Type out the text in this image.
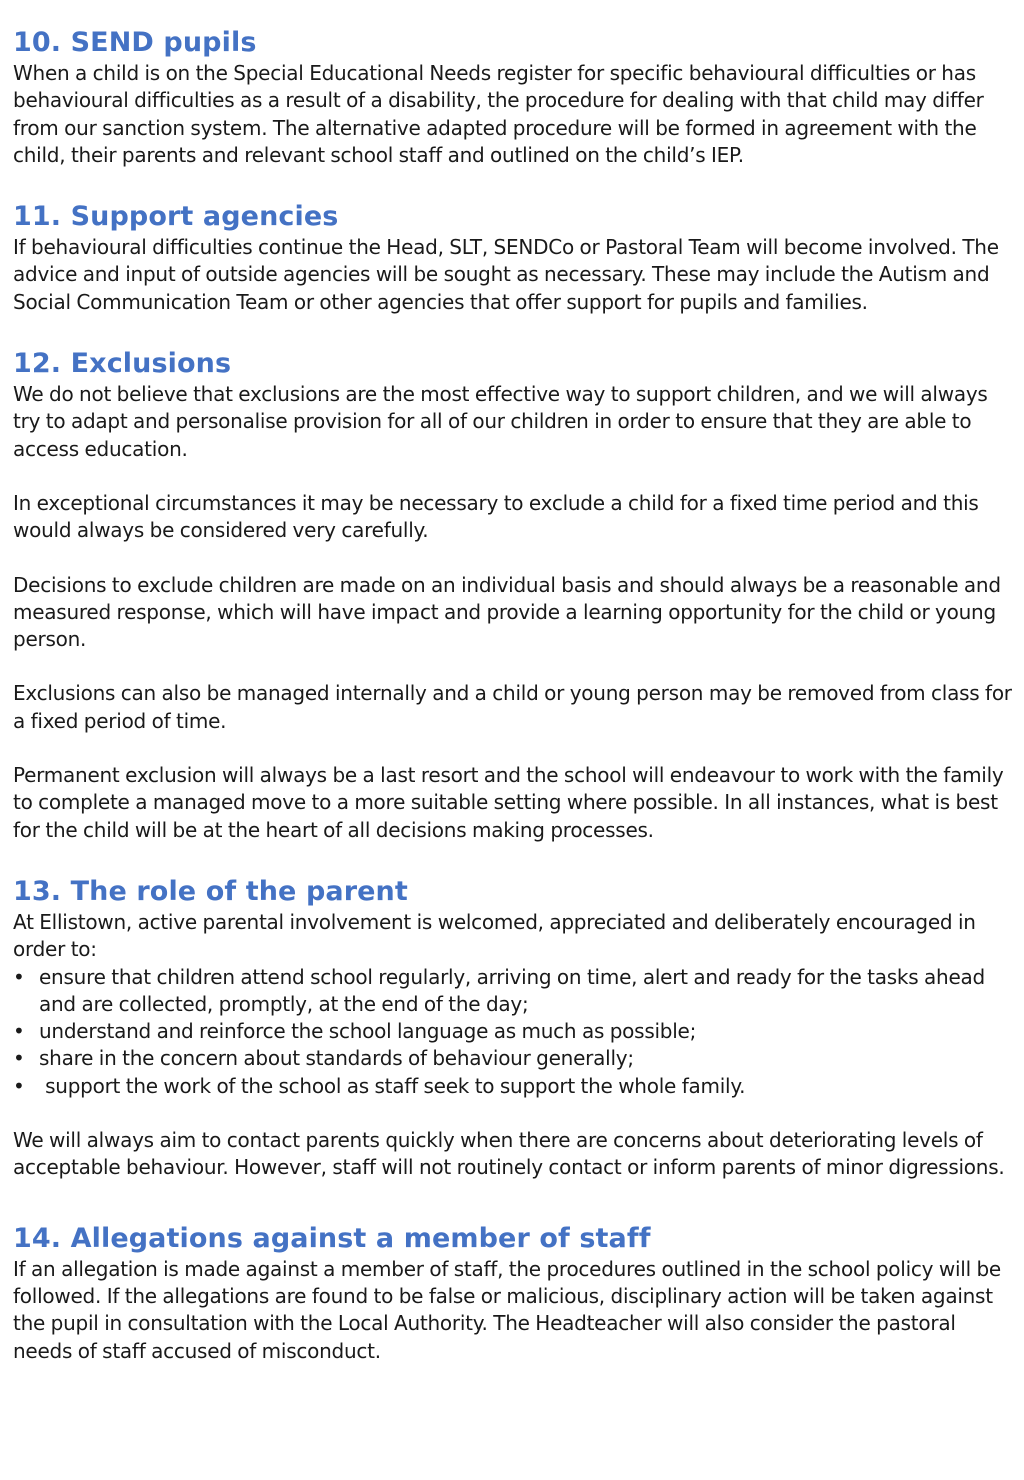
10. SEND pupils

When a child is on the Special Educational Needs register for specific behavioural difficulties or has behavioural difficulties as a result of a disability, the procedure for dealing with that child may differ from our sanction system. The alternative adapted procedure will be formed in agreement with the child, their parents and relevant school staff and outlined on the child’s IEP.

11. Support agencies

If behavioural difficulties continue the Head, SLT, SENDCo or Pastoral Team will become involved. The advice and input of outside agencies will be sought as necessary. These may include the Autism and Social Communication Team or other agencies that offer support for pupils and families.

12. Exclusions

We do not believe that exclusions are the most effective way to support children, and we will always try to adapt and personalise provision for all of our children in order to ensure that they are able to access education.

In exceptional circumstances it may be necessary to exclude a child for a fixed time period and this would always be considered very carefully.

Decisions to exclude children are made on an individual basis and should always be a reasonable and measured response, which will have impact and provide a learning opportunity for the child or young person.

Exclusions can also be managed internally and a child or young person may be removed from class for a fixed period of time.

Permanent exclusion will always be a last resort and the school will endeavour to work with the family to complete a managed move to a more suitable setting where possible. In all instances, what is best for the child will be at the heart of all decisions making processes.

13. The role of the parent

At Ellistown, active parental involvement is welcomed, appreciated and deliberately encouraged in order to:

• ensure that children attend school regularly, arriving on time, alert and ready for the tasks ahead and are collected, promptly, at the end of the day;
• understand and reinforce the school language as much as possible;
• share in the concern about standards of behaviour generally;
• support the work of the school as staff seek to support the whole family.

We will always aim to contact parents quickly when there are concerns about deteriorating levels of acceptable behaviour. However, staff will not routinely contact or inform parents of minor digressions.

14. Allegations against a member of staff

If an allegation is made against a member of staff, the procedures outlined in the school policy will be followed. If the allegations are found to be false or malicious, disciplinary action will be taken against the pupil in consultation with the Local Authority. The Headteacher will also consider the pastoral needs of staff accused of misconduct.
